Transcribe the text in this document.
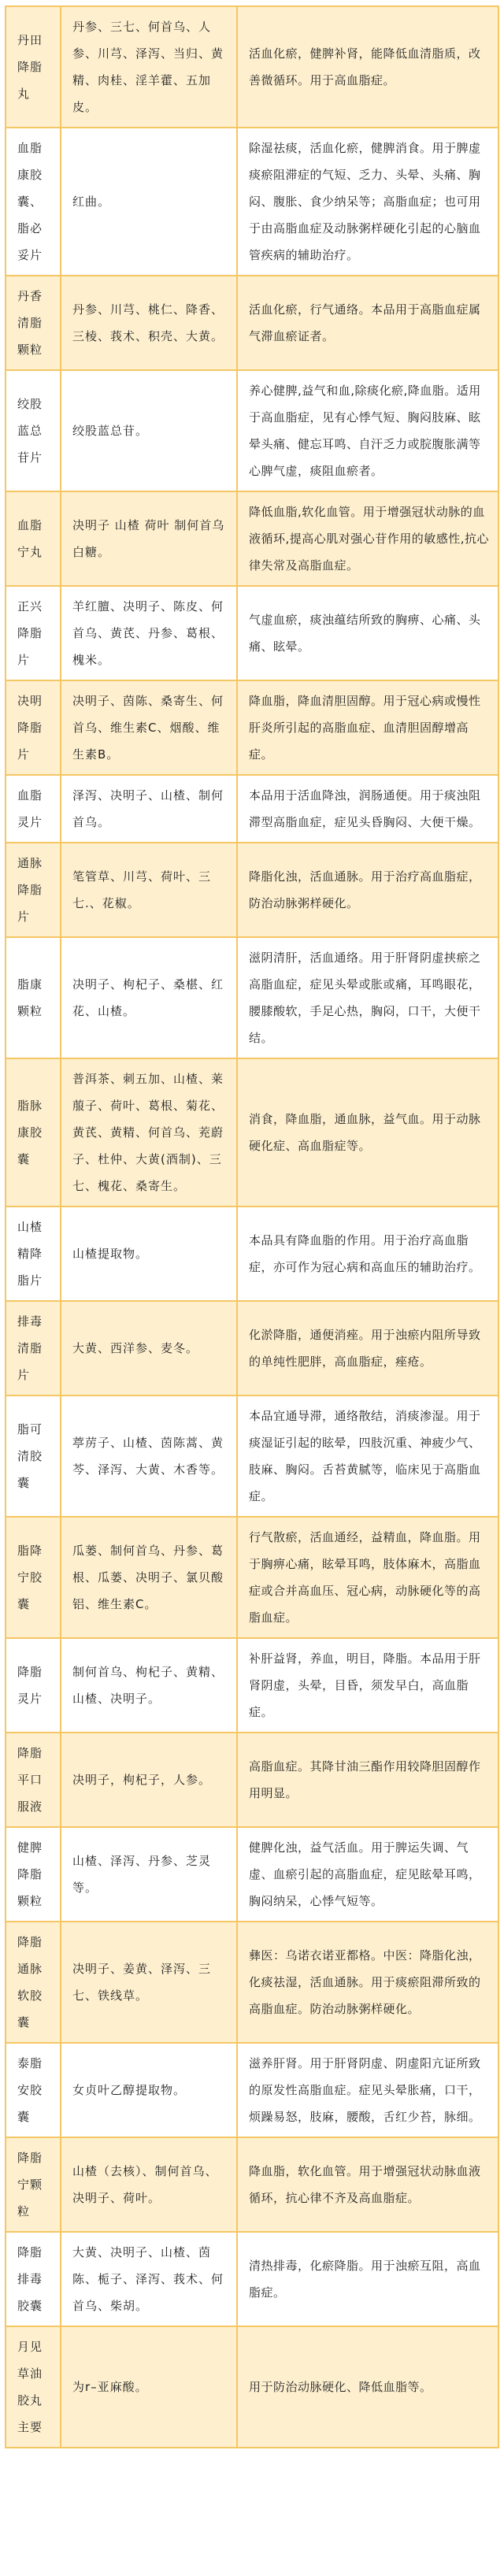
丹田降脂丸	丹参、三七、何首乌、人参、川芎、泽泻、当归、黄精、肉桂、淫羊藿、五加皮。	活血化瘀，健脾补肾，能降低血清脂质，改善微循环。用于高血脂症。
血脂康胶囊、脂必妥片	红曲。	除湿祛痰，活血化瘀，健脾消食。用于脾虚痰瘀阻滞症的气短、乏力、头晕、头痛、胸闷、腹胀、食少纳呆等；高脂血症；也可用于由高脂血症及动脉粥样硬化引起的心脑血管疾病的辅助治疗。
丹香清脂颗粒	丹参、川芎、桃仁、降香、三棱、莪术、积壳、大黄。	活血化瘀，行气通络。本品用于高脂血症属气滞血瘀证者。
绞股蓝总苷片	绞股蓝总苷。	养心健脾,益气和血,除痰化瘀,降血脂。适用于高血脂症，见有心悸气短、胸闷肢麻、眩晕头痛、健忘耳鸣、自汗乏力或脘腹胀满等心脾气虚，痰阻血瘀者。
血脂宁丸	决明子 山楂 荷叶 制何首乌 白糖。	降低血脂,软化血管。用于增强冠状动脉的血液循环,提高心肌对强心苷作用的敏感性,抗心律失常及高脂血症。
正兴降脂片	羊红膻、决明子、陈皮、何首乌、黄芪、丹参、葛根、槐米。	气虚血瘀，痰浊蕴结所致的胸痹、心痛、头痛、眩晕。
决明降脂片	决明子、茵陈、桑寄生、何首乌、维生素C、烟酸、维生素B。	降血脂，降血清胆固醇。用于冠心病或慢性肝炎所引起的高脂血症、血清胆固醇增高症。
血脂灵片	泽泻、决明子、山楂、制何首乌。	本品用于活血降浊，润肠通便。用于痰浊阻滞型高脂血症，症见头昏胸闷、大便干燥。
通脉降脂片	笔管草、川芎、荷叶、三七.、花椒。	降脂化浊，活血通脉。用于治疗高血脂症，防治动脉粥样硬化。
脂康颗粒	决明子、枸杞子、桑椹、红花、山楂。	滋阴清肝，活血通络。用于肝肾阴虚挟瘀之高脂血症，症见头晕或胀或痛，耳鸣眼花，腰膝酸软，手足心热，胸闷，口干，大便干结。
脂脉康胶囊	普洱茶、刺五加、山楂、莱菔子、荷叶、葛根、菊花、黄芪、黄精、何首乌、茺蔚子、杜仲、大黄(酒制)、三七、槐花、桑寄生。	消食，降血脂，通血脉，益气血。用于动脉硬化症、高血脂症等。
山楂精降脂片	山楂提取物。	本品具有降血脂的作用。用于治疗高血脂症，亦可作为冠心病和高血压的辅助治疗。
排毒清脂片	大黄、西洋参、麦冬。	化淤降脂，通便消痤。用于浊瘀内阻所导致的单纯性肥胖，高血脂症，痤疮。
脂可清胶囊	葶苈子、山楂、茵陈蒿、黄芩、泽泻、大黄、木香等。	本品宜通导滞，通络散结，消痰渗湿。用于痰湿证引起的眩晕，四肢沉重、神疲少气、肢麻、胸闷。舌苔黄腻等，临床见于高脂血症。
脂降宁胶囊	瓜蒌、制何首乌、丹参、葛根、瓜蒌、决明子、氯贝酸铝、维生素C。	行气散瘀，活血通经，益精血，降血脂。用于胸痹心痛，眩晕耳鸣，肢体麻木，高脂血症或合并高血压、冠心病，动脉硬化等的高脂血症。
降脂灵片	制何首乌、枸杞子、黄精、山楂、决明子。	补肝益肾，养血，明目，降脂。本品用于肝肾阴虚，头晕，目昏，须发早白，高血脂症。
降脂平口服液	决明子，枸杞子，人参。	高脂血症。其降甘油三酯作用较降胆固醇作用明显。
健脾降脂颗粒	山楂、泽泻、丹参、芝灵等。	健脾化浊，益气活血。用于脾运失调、气虚、血瘀引起的高脂血症，症见眩晕耳鸣，胸闷纳呆，心悸气短等。
降脂通脉软胶囊	决明子、姜黄、泽泻、三七、铁线草。	彝医：乌诺衣诺亚都格。中医：降脂化浊，化痰祛湿，活血通脉。用于痰瘀阻滞所致的高脂血症。防治动脉粥样硬化。
泰脂安胶囊	女贞叶乙醇提取物。	滋养肝肾。用于肝肾阴虚、阴虚阳亢证所致的原发性高脂血症。症见头晕胀痛，口干，烦躁易怒，肢麻，腰酸，舌红少苔，脉细。
降脂宁颗粒	山楂（去核）、制何首乌、决明子、荷叶。	降血脂，软化血管。用于增强冠状动脉血液循环，抗心律不齐及高血脂症。
降脂排毒胶囊	大黄、决明子、山楂、茵陈、栀子、泽泻、莪术、何首乌、柴胡。	清热排毒，化瘀降脂。用于浊瘀互阻，高血脂症。
月见草油胶丸主要	为r–亚麻酸。	用于防治动脉硬化、降低血脂等。
